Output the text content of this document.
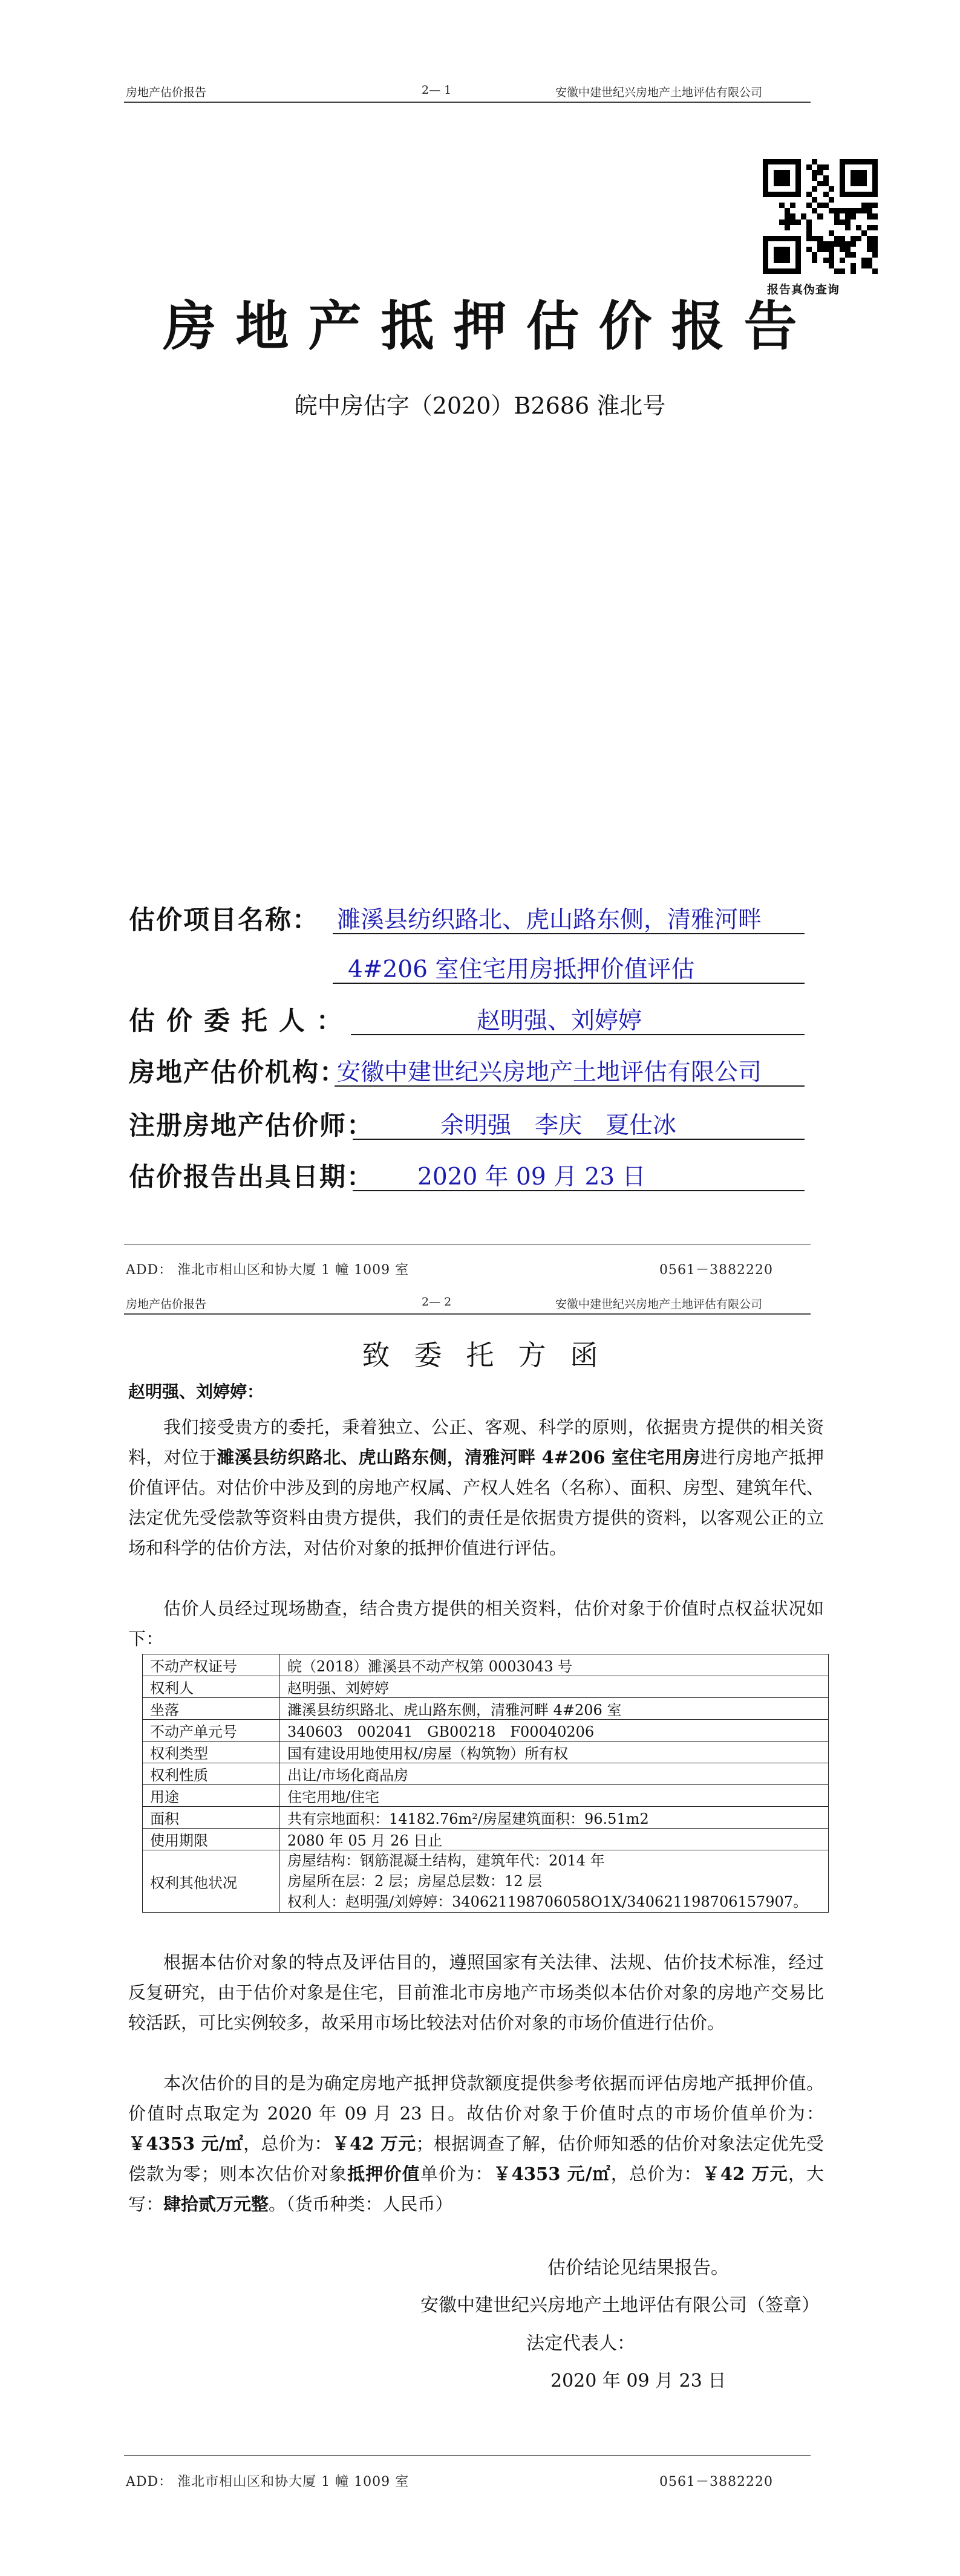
房地产估价报告	2— 1	安徽中建世纪兴房地产土地评估有限公司
报告真伪查询
房地产抵押估价报告
皖中房估字（2020）B2686 淮北号
估价项目名称： 濉溪县纺织路北、虎山路东侧，清雅河畔
4#206 室住宅用房抵押价值评估
估 价 委 托 人 ：	赵明强、刘婷婷
房地产估价机构：
安徽中建世纪兴房地产土地评估有限公司
注册房地产估价师：	余明强　李庆　夏仕冰
估价报告出具日期： 2020 年 09 月 23 日
ADD： 淮北市相山区和协大厦 1 幢 1009 室	0561－3882220
房地产估价报告	2— 2	安徽中建世纪兴房地产土地评估有限公司
致委托方函
赵明强、刘婷婷：
我们接受贵方的委托，秉着独立、公正、客观、科学的原则，依据贵方提供的相关资料，对位于濉溪县纺织路北、虎山路东侧，清雅河畔 4#206 室住宅用房进行房地产抵押价值评估。对估价中涉及到的房地产权属、产权人姓名（名称）、面积、房型、建筑年代、法定优先受偿款等资料由贵方提供，我们的责任是依据贵方提供的资料，以客观公正的立场和科学的估价方法，对估价对象的抵押价值进行评估。
估价人员经过现场勘查，结合贵方提供的相关资料，估价对象于价值时点权益状况如下：
不动产权证号	皖（2018）濉溪县不动产权第 0003043 号
权利人	赵明强、刘婷婷
坐落	濉溪县纺织路北、虎山路东侧，清雅河畔 4#206 室
不动产单元号	340603　002041　GB00218　F00040206
权利类型	国有建设用地使用权/房屋（构筑物）所有权
权利性质	出让/市场化商品房
用途	住宅用地/住宅
面积	共有宗地面积：14182.76m²/房屋建筑面积：96.51m2
使用期限	2080 年 05 月 26 日止
权利其他状况	房屋结构：钢筋混凝土结构，建筑年代：2014 年
房屋所在层：2 层；房屋总层数：12 层
权利人：赵明强/刘婷婷：340621198706058O1X/340621198706157907。
根据本估价对象的特点及评估目的，遵照国家有关法律、法规、估价技术标准，经过反复研究，由于估价对象是住宅，目前淮北市房地产市场类似本估价对象的房地产交易比较活跃，可比实例较多，故采用市场比较法对估价对象的市场价值进行估价。
本次估价的目的是为确定房地产抵押贷款额度提供参考依据而评估房地产抵押价值。价值时点取定为 2020 年 09 月 23 日。故估价对象于价值时点的市场价值单价为：￥4353 元/㎡，总价为：￥42 万元；根据调查了解，估价师知悉的估价对象法定优先受偿款为零；则本次估价对象抵押价值单价为：￥4353 元/㎡，总价为：￥42 万元，大写：肆拾贰万元整。（货币种类：人民币）
估价结论见结果报告。
安徽中建世纪兴房地产土地评估有限公司（签章）
法定代表人：
2020 年 09 月 23 日
ADD： 淮北市相山区和协大厦 1 幢 1009 室	0561－3882220
